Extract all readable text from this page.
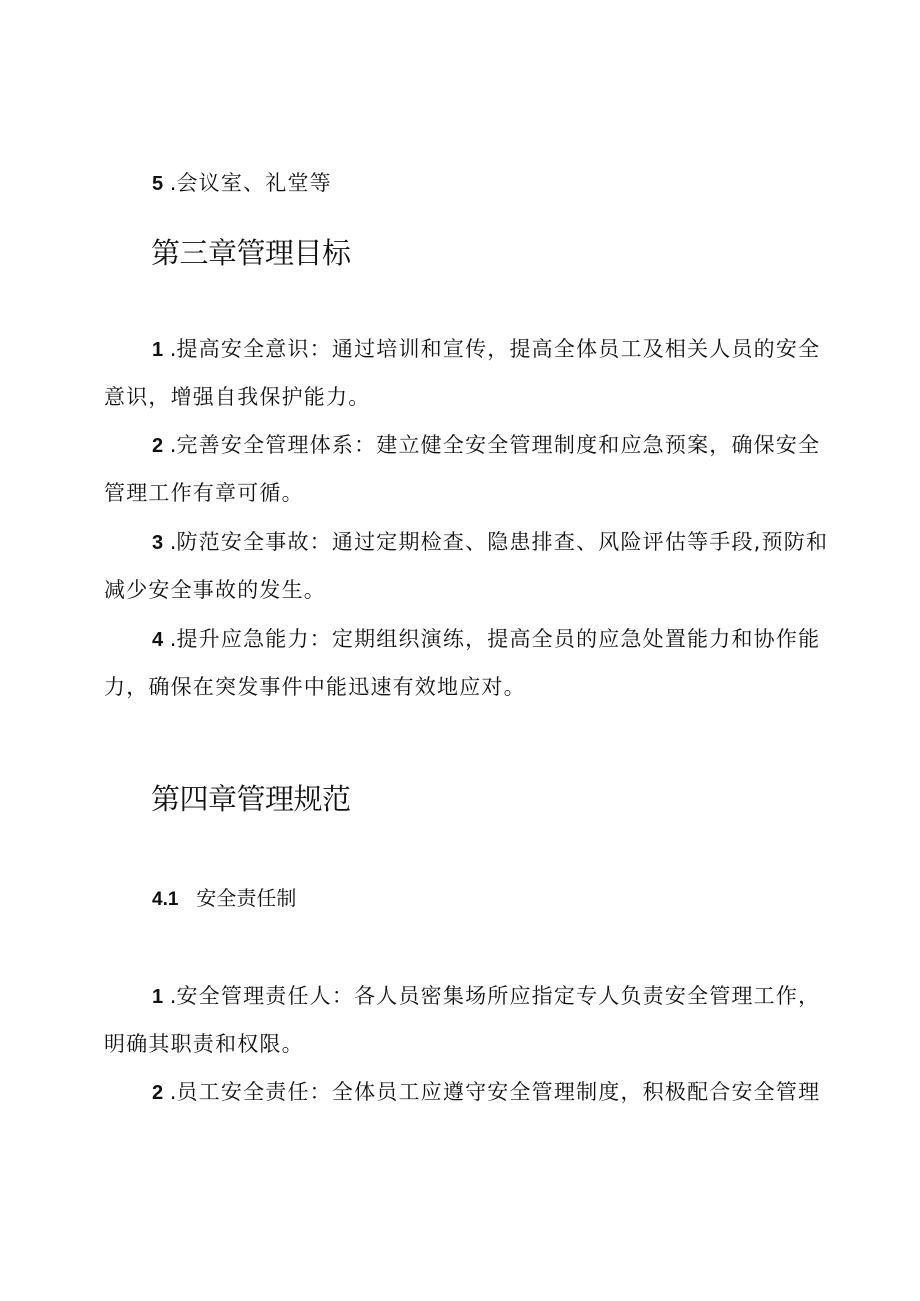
5 .会议室、礼堂等
第三章管理目标
1 .提高安全意识：通过培训和宣传，提高全体员工及相关人员的安全
意识，增强自我保护能力。
2 .完善安全管理体系：建立健全安全管理制度和应急预案，确保安全
管理工作有章可循。
3 .防范安全事故：通过定期检查、隐患排查、风险评估等手段,预防和
减少安全事故的发生。
4 .提升应急能力：定期组织演练，提高全员的应急处置能力和协作能
力，确保在突发事件中能迅速有效地应对。
第四章管理规范
4.1 安全责任制
1 .安全管理责任人：各人员密集场所应指定专人负责安全管理工作，
明确其职责和权限。
2 .员工安全责任：全体员工应遵守安全管理制度，积极配合安全管理
